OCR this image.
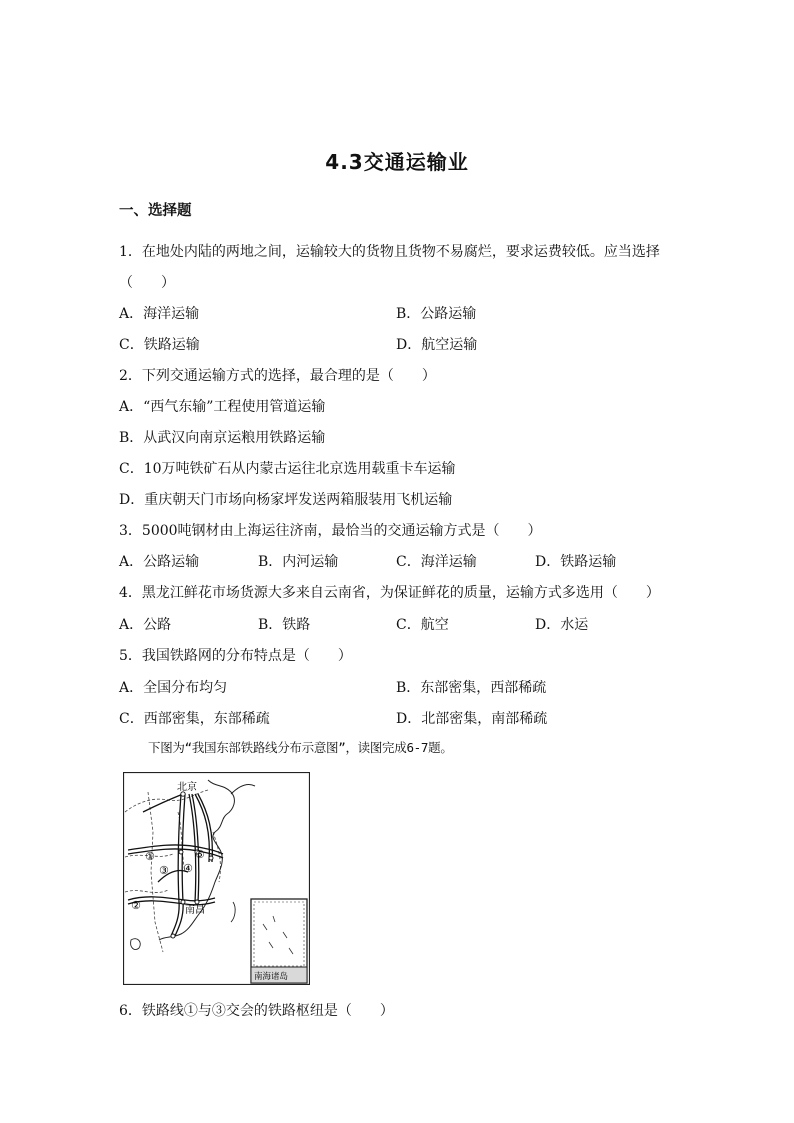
4.3交通运输业
一、选择题
1．在地处内陆的两地之间，运输较大的货物且货物不易腐烂，要求运费较低。应当选择
（　　）
A．海洋运输	B．公路运输
C．铁路运输	D．航空运输
2．下列交通运输方式的选择，最合理的是（　　）
A．“西气东输”工程使用管道运输
B．从武汉向南京运粮用铁路运输
C．10万吨铁矿石从内蒙古运往北京选用载重卡车运输
D．重庆朝天门市场向杨家坪发送两箱服装用飞机运输
3．5000吨钢材由上海运往济南，最恰当的交通运输方式是（　　）
A．公路运输	B．内河运输	C．海洋运输	D．铁路运输
4．黑龙江鲜花市场货源大多来自云南省，为保证鲜花的质量，运输方式多选用（　　）
A．公路	B．铁路	C．航空	D．水运
5．我国铁路网的分布特点是（　　）
A．全国分布均匀	B．东部密集，西部稀疏
C．西部密集，东部稀疏	D．北部密集，南部稀疏
下图为“我国东部铁路线分布示意图”，读图完成6-7题。
北京
南昌
南海诸岛
①
②
③ ④
⑤
6．铁路线①与③交会的铁路枢纽是（　　）
